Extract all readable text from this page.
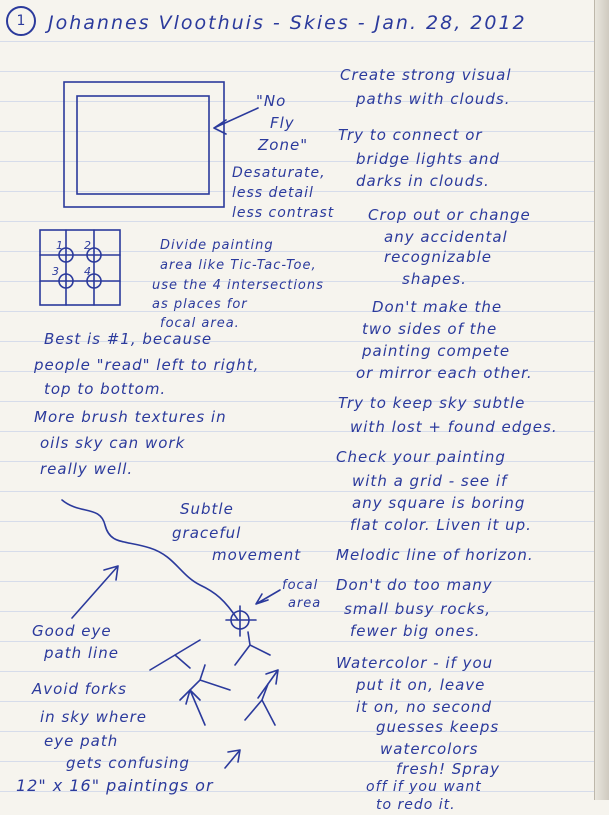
1	Johannes Vloothuis - Skies - Jan. 28, 2012
1 2
3 4
"No
Fly
Zone"
Desaturate,
less detail
less contrast
Divide painting
area like Tic-Tac-Toe,
use the 4 intersections
as places for
focal area.
Best is #1, because
people "read" left to right,
top to bottom.
More brush textures in
oils sky can work
really well.
Subtle
graceful
movement
focal
area
Good eye
path line
Avoid forks
in sky where
eye path
gets confusing
12" x 16" paintings or
Create strong visual
paths with clouds.
Try to connect or
bridge lights and
darks in clouds.
Crop out or change
any accidental
recognizable
shapes.
Don't make the
two sides of the
painting compete
or mirror each other.
Try to keep sky subtle
with lost + found edges.
Check your painting
with a grid - see if
any square is boring
flat color. Liven it up.
Melodic line of horizon.
Don't do too many
small busy rocks,
fewer big ones.
Watercolor - if you
put it on, leave
it on, no second
guesses keeps
watercolors
fresh! Spray
off if you want
to redo it.
